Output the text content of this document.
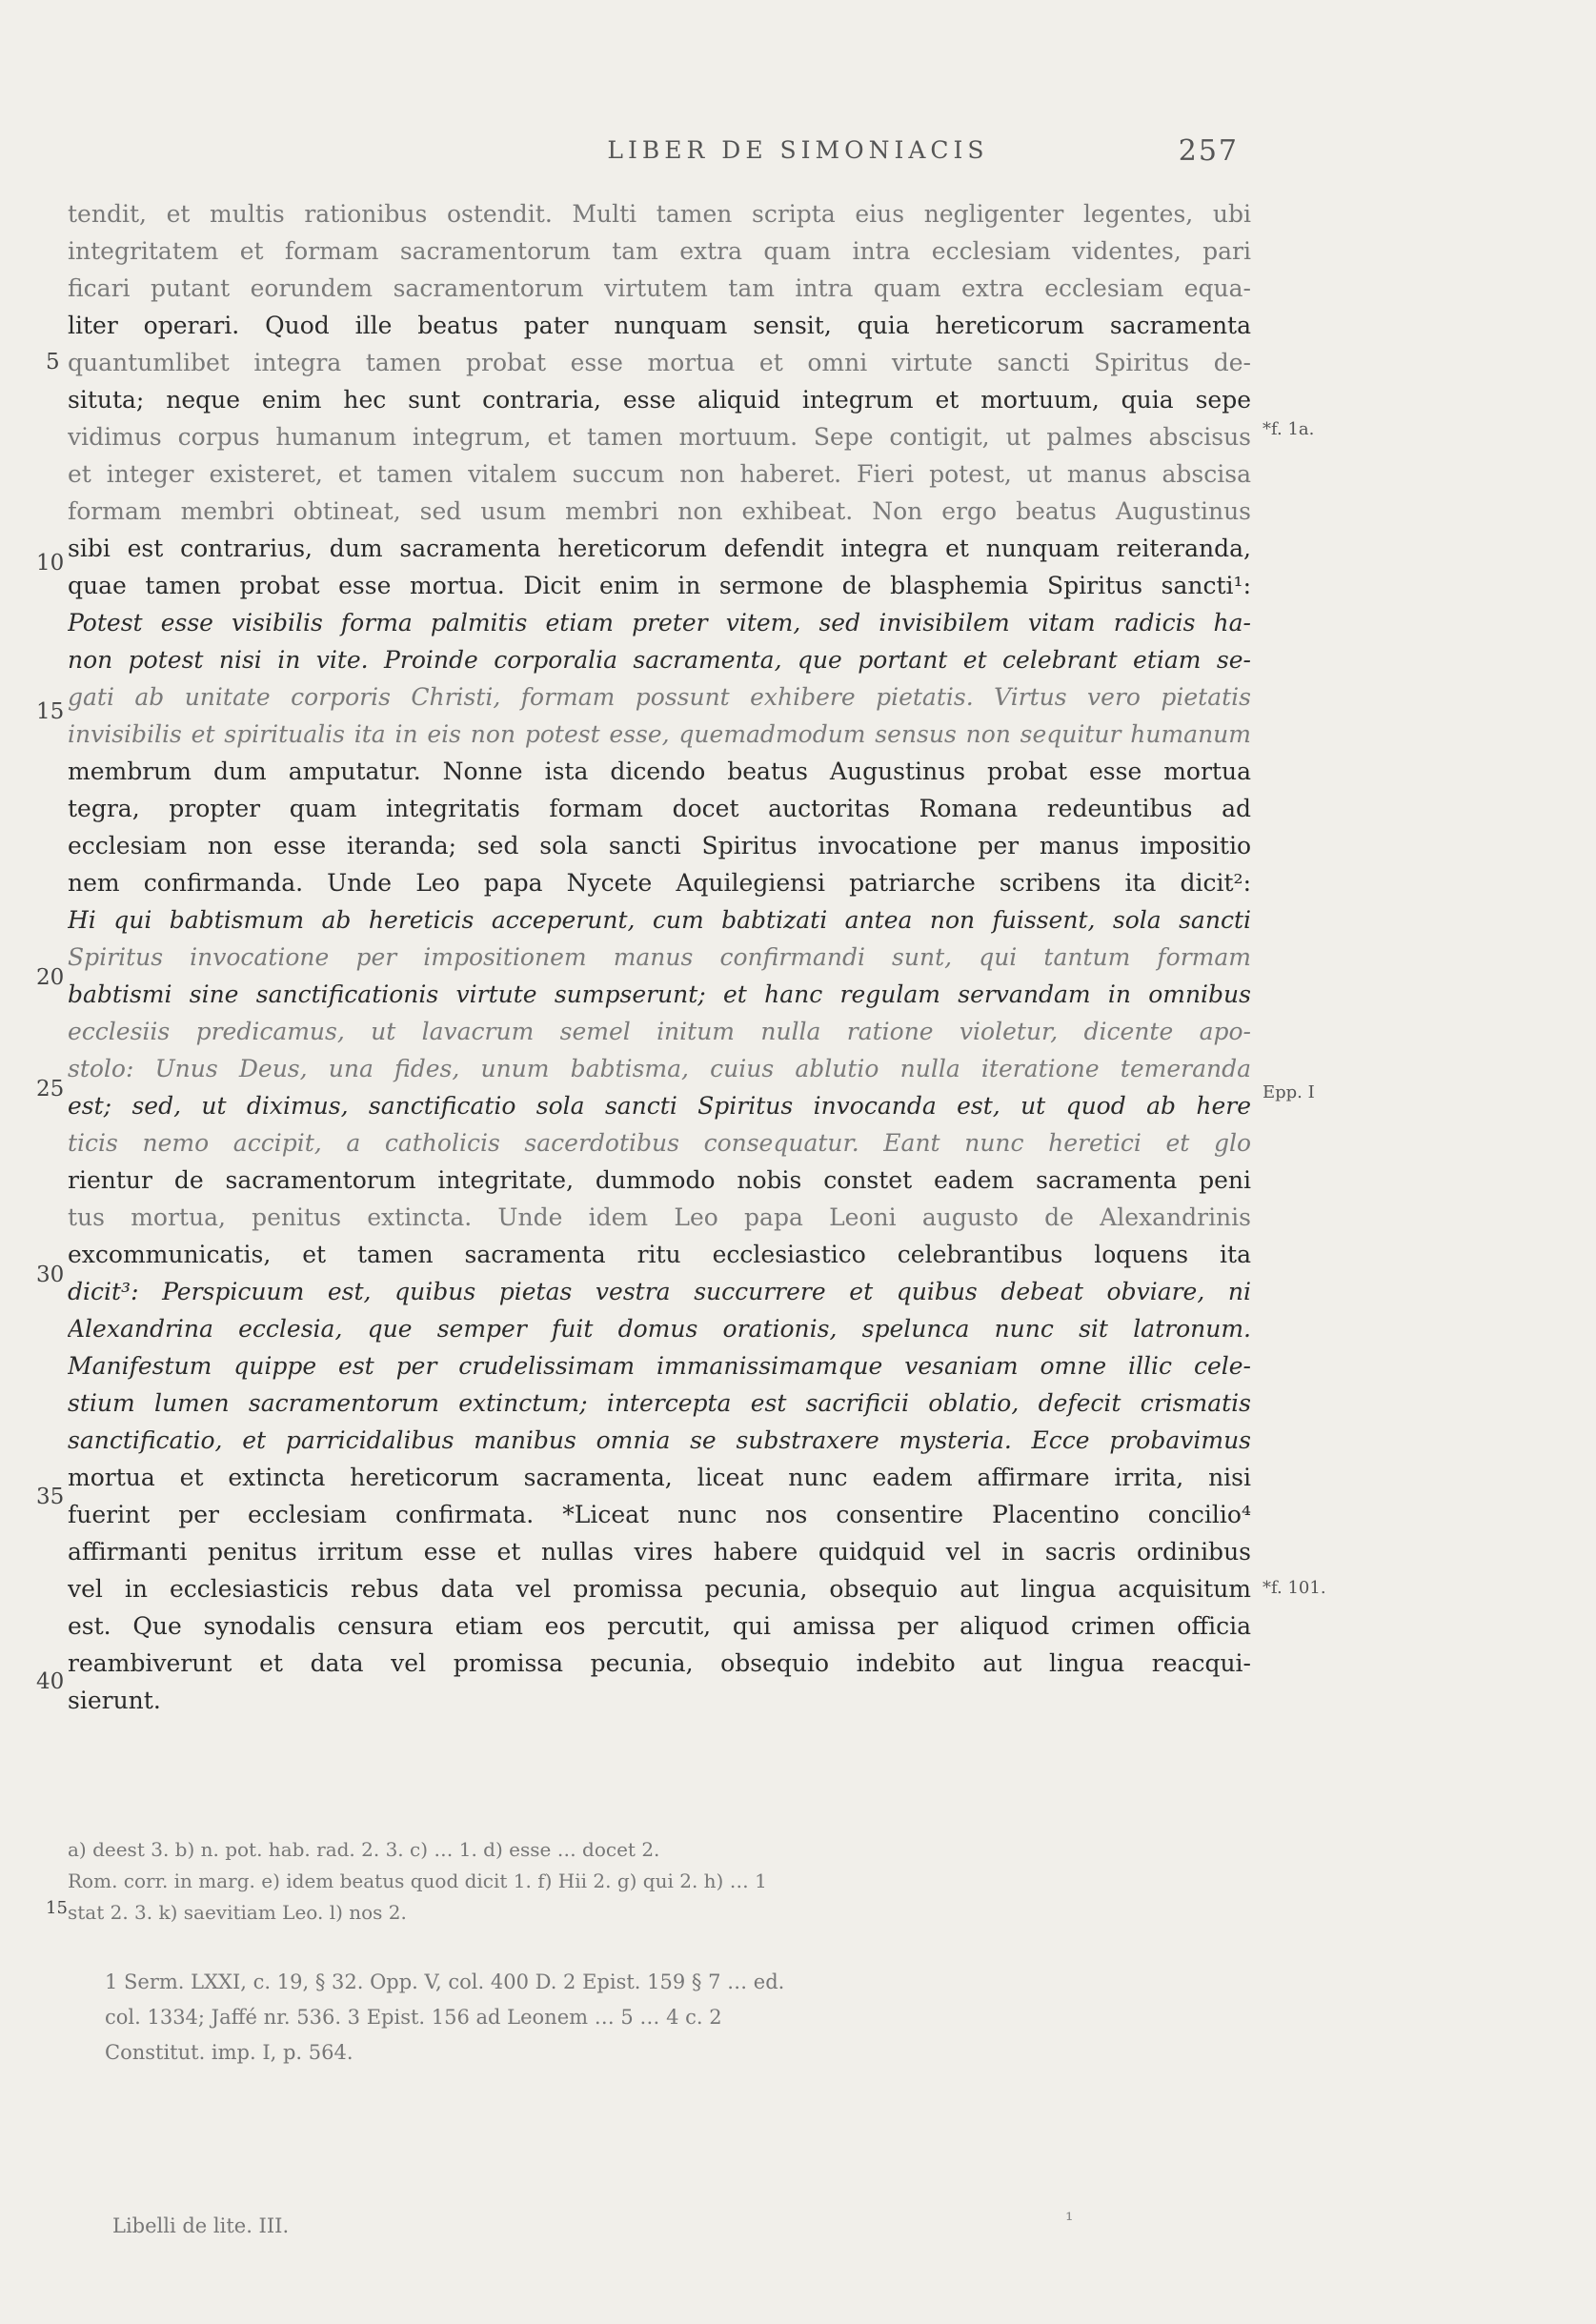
LIBER DE SIMONIACIS	257
tendit, et multis rationibus ostendit. Multi tamen scripta eius negligenter legentes, ubi
integritatem et formam sacramentorum tam extra quam intra ecclesiam videntes, pari
ficari putant eorundem sacramentorum virtutem tam intra quam extra ecclesiam equa-
liter operari. Quod ille beatus pater nunquam sensit, quia hereticorum sacramenta
quantumlibet integra tamen probat esse mortua et omni virtute sancti Spiritus de-
situta; neque enim hec sunt contraria, esse aliquid integrum et mortuum, quia sepe
vidimus corpus humanum integrum, et tamen mortuum. Sepe contigit, ut palmes abscisus
et integer existeret, et tamen vitalem succum non haberet. Fieri potest, ut manus abscisa
formam membri obtineat, sed usum membri non exhibeat. Non ergo beatus Augustinus
sibi est contrarius, dum sacramenta hereticorum defendit integra et nunquam reiteranda,
quae tamen probat esse mortua. Dicit enim in sermone de blasphemia Spiritus sancti¹:
Potest esse visibilis forma palmitis etiam preter vitem, sed invisibilem vitam radicis ha-
non potest nisi in vite. Proinde corporalia sacramenta, que portant et celebrant etiam se-
gati ab unitate corporis Christi, formam possunt exhibere pietatis. Virtus vero pietatis
invisibilis et spiritualis ita in eis non potest esse, quemadmodum sensus non sequitur humanum
membrum dum amputatur. Nonne ista dicendo beatus Augustinus probat esse mortua
tegra, propter quam integritatis formam docet auctoritas Romana redeuntibus ad
ecclesiam non esse iteranda; sed sola sancti Spiritus invocatione per manus impositio
nem confirmanda. Unde Leo papa Nycete Aquilegiensi patriarche scribens ita dicit²:
Hi qui babtismum ab hereticis acceperunt, cum babtizati antea non fuissent, sola sancti
Spiritus invocatione per impositionem manus confirmandi sunt, qui tantum formam
babtismi sine sanctificationis virtute sumpserunt; et hanc regulam servandam in omnibus
ecclesiis predicamus, ut lavacrum semel initum nulla ratione violetur, dicente apo-
stolo: Unus Deus, una fides, unum babtisma, cuius ablutio nulla iteratione temeranda
est; sed, ut diximus, sanctificatio sola sancti Spiritus invocanda est, ut quod ab here
ticis nemo accipit, a catholicis sacerdotibus consequatur. Eant nunc heretici et glo
rientur de sacramentorum integritate, dummodo nobis constet eadem sacramenta peni
tus mortua, penitus extincta. Unde idem Leo papa Leoni augusto de Alexandrinis
excommunicatis, et tamen sacramenta ritu ecclesiastico celebrantibus loquens ita
dicit³: Perspicuum est, quibus pietas vestra succurrere et quibus debeat obviare, ni
Alexandrina ecclesia, que semper fuit domus orationis, spelunca nunc sit latronum.
Manifestum quippe est per crudelissimam immanissimamque vesaniam omne illic cele-
stium lumen sacramentorum extinctum; intercepta est sacrificii oblatio, defecit crismatis
sanctificatio, et parricidalibus manibus omnia se substraxere mysteria. Ecce probavimus
mortua et extincta hereticorum sacramenta, liceat nunc eadem affirmare irrita, nisi
fuerint per ecclesiam confirmata. *Liceat nunc nos consentire Placentino concilio⁴
affirmanti penitus irritum esse et nullas vires habere quidquid vel in sacris ordinibus
vel in ecclesiasticis rebus data vel promissa pecunia, obsequio aut lingua acquisitum
est. Que synodalis censura etiam eos percutit, qui amissa per aliquod crimen officia
reambiverunt et data vel promissa pecunia, obsequio indebito aut lingua reacqui-
sierunt.
5
10
15
20
25
30
35
40
*f. 1a.
Epp. I
*f. 101.
a) deest 3. b) n. pot. hab. rad. 2. 3. c) … 1. d) esse … docet 2.
Rom. corr. in marg. e) idem beatus quod dicit 1. f) Hii 2. g) qui 2. h) … 1
stat 2. 3. k) saevitiam Leo. l) nos 2.
15
1 Serm. LXXI, c. 19, § 32. Opp. V, col. 400 D. 2 Epist. 159 § 7 … ed.
col. 1334; Jaffé nr. 536. 3 Epist. 156 ad Leonem … 5 … 4 c. 2
Constitut. imp. I, p. 564.
Libelli de lite. III.	¹
